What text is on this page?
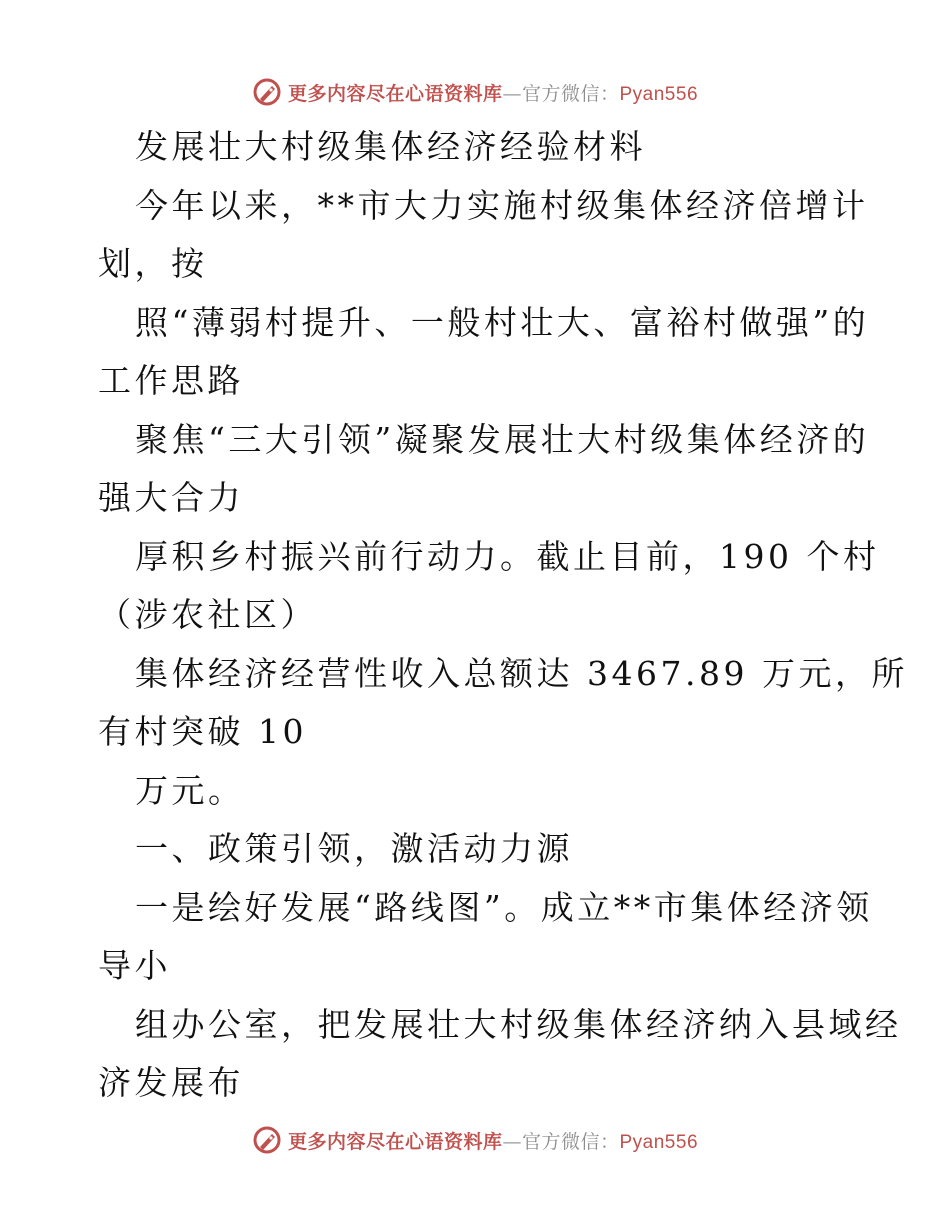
更多内容尽在心语资料库—官方微信：Pyan556
发展壮大村级集体经济经验材料
今年以来，**市大力实施村级集体经济倍增计
划，按
照“薄弱村提升、一般村壮大、富裕村做强”的
工作思路
聚焦“三大引领”凝聚发展壮大村级集体经济的
强大合力
厚积乡村振兴前行动力。截止目前，190 个村
（涉农社区）
集体经济经营性收入总额达 3467.89 万元，所
有村突破 10
万元。
一、政策引领，激活动力源
一是绘好发展“路线图”。成立**市集体经济领
导小
组办公室，把发展壮大村级集体经济纳入县域经
济发展布
更多内容尽在心语资料库—官方微信：Pyan556
